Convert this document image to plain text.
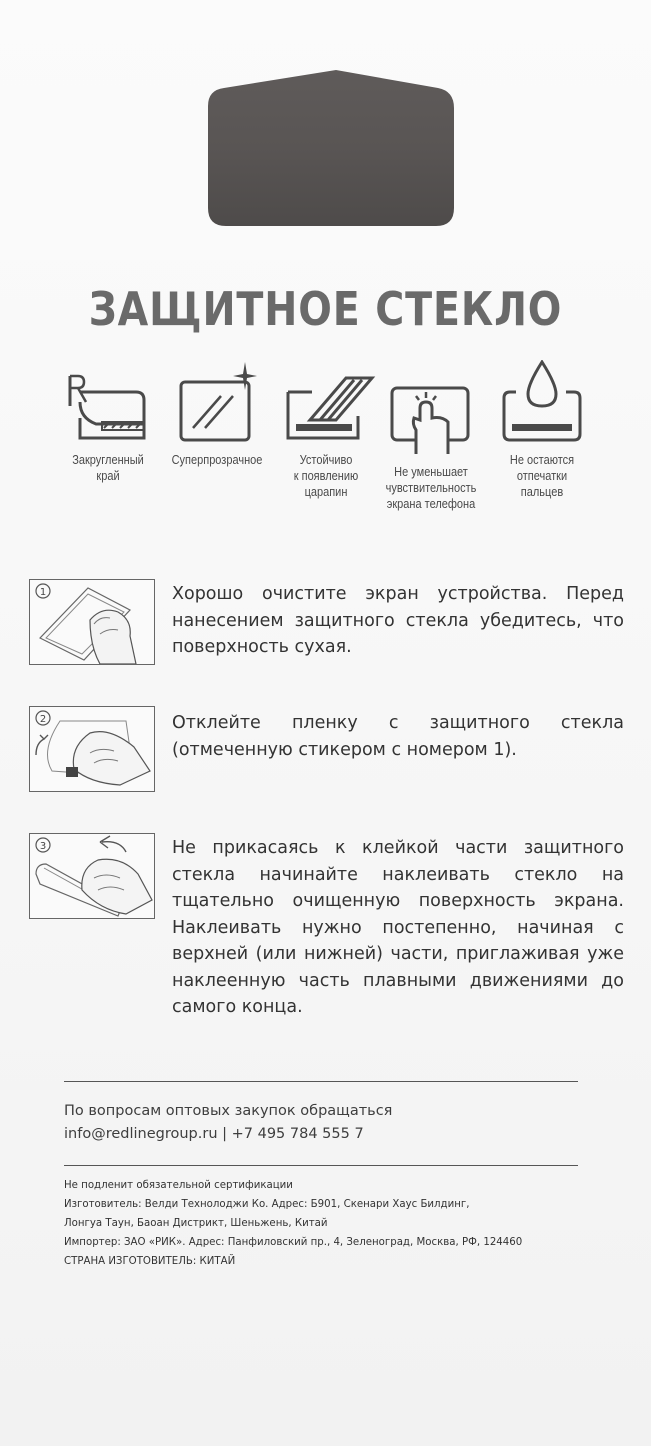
ЗАЩИТНОЕ СТЕКЛО
Закругленный
край
Суперпрозрачное	Устойчиво
к появлению
царапин
Не уменьшает
чувствительность
экрана телефона
Не остаются
отпечатки
пальцев
1	Хорошо очистите экран устройства. Перед нанесением защитного стекла убедитесь, что поверхность сухая.
2	Отклейте пленку с защитного стекла (отмеченную стикером с номером 1).
3	Не прикасаясь к клейкой части защитного стекла начинайте наклеивать стекло на тщательно очищенную поверхность экрана. Наклеивать нужно постепенно, начиная с верхней (или нижней) части, приглаживая уже наклеенную часть плавными движениями до самого конца.
По вопросам оптовых закупок обращаться
info@redlinegroup.ru | +7 495 784 555 7
Не подленит обязательной сертификации
Изготовитель: Велди Технолоджи Ко. Адрес: Б901, Скенари Хаус Билдинг,
Лонгуа Таун, Баоан Дистрикт, Шеньжень, Китай
Импортер: ЗАО «РИК». Адрес: Панфиловский пр., 4, Зеленоград, Москва, РФ, 124460
СТРАНА ИЗГОТОВИТЕЛЬ: КИТАЙ
